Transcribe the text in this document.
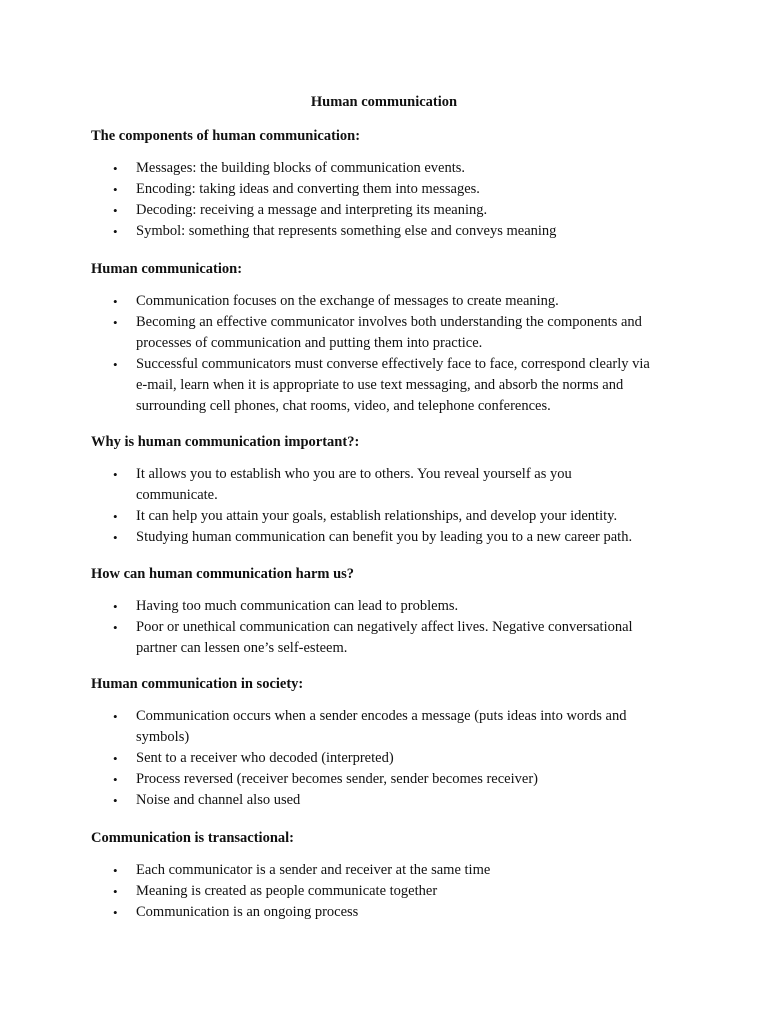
Human communication
The components of human communication:
• Messages: the building blocks of communication events.
• Encoding: taking ideas and converting them into messages.
• Decoding: receiving a message and interpreting its meaning.
• Symbol: something that represents something else and conveys meaning
Human communication:
• Communication focuses on the exchange of messages to create meaning.
• Becoming an effective communicator involves both understanding the components and
processes of communication and putting them into practice.
• Successful communicators must converse effectively face to face, correspond clearly via
e-mail, learn when it is appropriate to use text messaging, and absorb the norms and
surrounding cell phones, chat rooms, video, and telephone conferences.
Why is human communication important?:
• It allows you to establish who you are to others. You reveal yourself as you
communicate.
• It can help you attain your goals, establish relationships, and develop your identity.
• Studying human communication can benefit you by leading you to a new career path.
How can human communication harm us?
• Having too much communication can lead to problems.
• Poor or unethical communication can negatively affect lives. Negative conversational
partner can lessen one’s self-esteem.
Human communication in society:
• Communication occurs when a sender encodes a message (puts ideas into words and
symbols)
• Sent to a receiver who decoded (interpreted)
• Process reversed (receiver becomes sender, sender becomes receiver)
• Noise and channel also used
Communication is transactional:
• Each communicator is a sender and receiver at the same time
• Meaning is created as people communicate together
• Communication is an ongoing process
